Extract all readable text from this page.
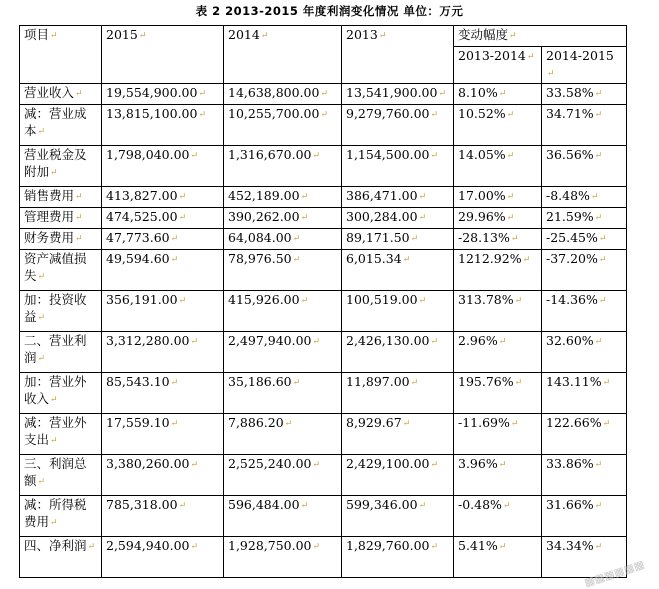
表 2 2013-2015 年度利润变化情况 单位：万元
项目↵	2015↵	2014↵	2013↵	变动幅度↵	
				2013-2014↵	2014-2015↵
营业收入↵	19,554,900.00↵	14,638,800.00↵	13,541,900.00↵	8.10%↵	33.58%↵
减：营业成本↵	13,815,100.00↵	10,255,700.00↵	9,279,760.00↵	10.52%↵	34.71%↵
营业税金及附加↵	1,798,040.00↵	1,316,670.00↵	1,154,500.00↵	14.05%↵	36.56%↵
销售费用↵	413,827.00↵	452,189.00↵	386,471.00↵	17.00%↵	-8.48%↵
管理费用↵	474,525.00↵	390,262.00↵	300,284.00↵	29.96%↵	21.59%↵
财务费用↵	47,773.60↵	64,084.00↵	89,171.50↵	-28.13%↵	-25.45%↵
资产减值损失↵	49,594.60↵	78,976.50↵	6,015.34↵	1212.92%↵	-37.20%↵
加：投资收益↵	356,191.00↵	415,926.00↵	100,519.00↵	313.78%↵	-14.36%↵
二、营业利润↵	3,312,280.00↵	2,497,940.00↵	2,426,130.00↵	2.96%↵	32.60%↵
加：营业外收入↵	85,543.10↵	35,186.60↵	11,897.00↵	195.76%↵	143.11%↵
减：营业外支出↵	17,559.10↵	7,886.20↵	8,929.67↵	-11.69%↵	122.66%↵
三、利润总额↵	3,380,260.00↵	2,525,240.00↵	2,429,100.00↵	3.96%↵	33.86%↵
减：所得税费用↵	785,318.00↵	596,484.00↵	599,346.00↵	-0.48%↵	31.66%↵
四、净利润↵	2,594,940.00↵	1,928,750.00↵	1,829,760.00↵	5.41%↵	34.34%↵
▦▦▦▦▦▦
